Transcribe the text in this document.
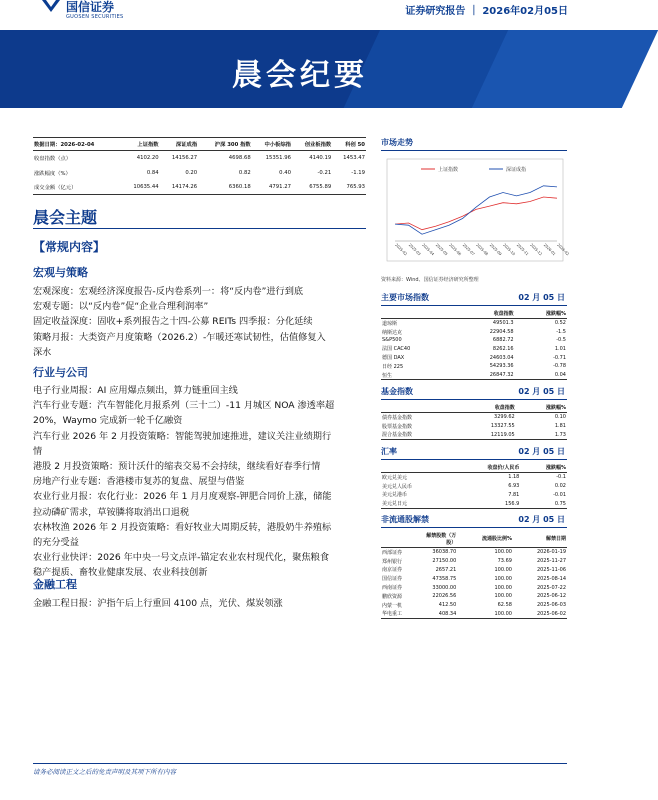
国信证券
GUOSEN SECURITIES	证券研究报告 ｜ 2026年02月05日
晨会纪要
数据日期：2026-02-04	上证指数	深证成指	沪深 300 指数	中小板综指	创业板指数	科创 50
收盘指数（点）	4102.20	14156.27	4698.68	15351.96	4140.19	1453.47
涨跌幅度（%）	0.84	0.20	0.82	0.40	-0.21	-1.19
成交金额（亿元）	10635.44	14174.26	6360.18	4791.27	6755.89	765.93
晨会主题
【常规内容】
宏观与策略
宏观深度：宏观经济深度报告-反内卷系列一：将“反内卷”进行到底
宏观专题：以“反内卷”促“企业合理利润率”
固定收益深度：固收+系列报告之十四-公募 REITs 四季报：分化延续
策略月报：大类资产月度策略（2026.2）-乍暖还寒试韧性，估值修复入
深水
行业与公司
电子行业周报：AI 应用爆点频出，算力链重回主线
汽车行业专题：汽车智能化月报系列（三十二）-11 月城区 NOA 渗透率超
20%，Waymo 完成新一轮千亿融资
汽车行业 2026 年 2 月投资策略：智能驾驶加速推进，建议关注业绩期行
情
港股 2 月投资策略：预计沃什的缩表交易不会持续，继续看好春季行情
房地产行业专题：香港楼市复苏的复盘、展望与借鉴
农业行业月报：农化行业：2026 年 1 月月度观察-钾肥合同价上涨，储能
拉动磷矿需求，草铵膦将取消出口退税
农林牧渔 2026 年 2 月投资策略：看好牧业大周期反转，港股奶牛养殖标
的充分受益
农业行业快评：2026 年中央一号文点评-锚定农业农村现代化，聚焦粮食
稳产提质、畜牧业健康发展、农业科技创新
金融工程
金融工程日报：沪指午后上行重回 4100 点，光伏、煤炭领涨
市场走势
上证指数	深证成指
2025-02 2025-03 2025-04 2025-05 2025-06 2025-07 2025-08 2025-09 2025-10 2025-11 2025-12 2026-01 2026-02
资料来源：Wind、国信证券经济研究所整理
主要市场指数	02 月 05 日
	收盘指数	涨跌幅%
道琼斯	49501.3	0.52
纳斯达克	22904.58	-1.5
S&P500	6882.72	-0.5
法国 CAC40	8262.16	1.01
德国 DAX	24603.04	-0.71
日经 225	54293.36	-0.78
恒生	26847.32	0.04
基金指数	02 月 05 日
	收盘指数	涨跌幅%
债券基金指数	3299.62	0.10
股票基金指数	13327.55	1.81
混合基金指数	12119.05	1.73
汇率	02 月 05 日
	收盘价/人民币	涨跌幅%
欧元兑美元	1.18	-0.1
美元兑人民币	6.93	0.02
美元兑港币	7.81	-0.01
美元兑日元	156.9	0.75
非流通股解禁	02 月 05 日
	解禁股数（万股）	流通股比例%	解禁日期
西部证券	36038.70	100.00	2026-01-19
郑州银行	27150.00	73.69	2025-11-27
南京证券	2657.21	100.00	2025-11-06
国信证券	47358.75	100.00	2025-08-14
西南证券	33000.00	100.00	2025-07-22
鹏欣资源	22026.56	100.00	2025-06-12
内蒙一机	412.50	62.58	2025-06-03
华电重工	408.34	100.00	2025-06-02
请务必阅读正文之后的免责声明及其项下所有内容
